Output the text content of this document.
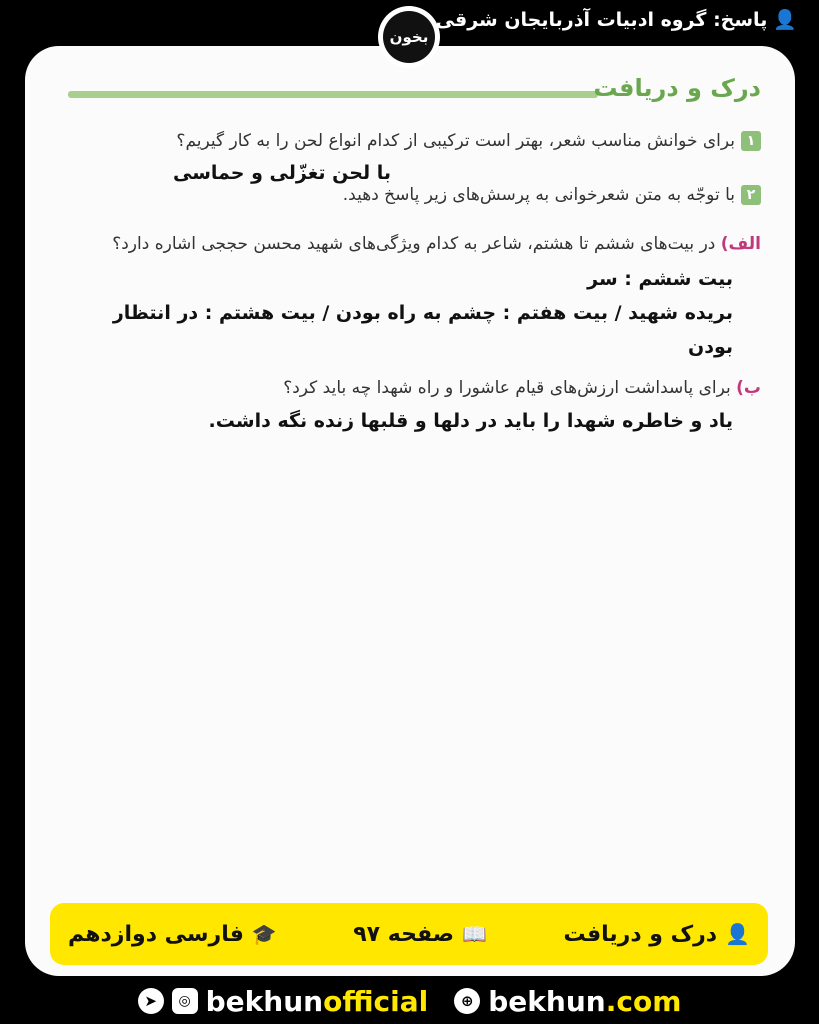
👤
پاسخ: گروه ادبیات آذربایجان شرقی
بخون
درک و دریافت
۱
برای خوانش مناسب شعر، بهتر است ترکیبی از کدام انواع لحن را به کار گیریم؟
با لحن تغزّلی و حماسی
۲
با توجّه به متن شعرخوانی به پرسش‌های زیر پاسخ دهید.
الف) در بیت‌های ششم تا هشتم، شاعر به کدام ویژگی‌های شهید محسن حججی اشاره دارد؟
بیت ششم : سر
بریده شهید / بیت هفتم : چشم به راه بودن / بیت هشتم : در انتظار
بودن
ب) برای پاسداشت ارزش‌های قیام عاشورا و راه شهدا چه باید کرد؟
یاد و خاطره شهدا را باید در دلها و قلبها زنده نگه داشت.
👤
درک و دریافت
📖
صفحه ۹۷
🎓
فارسی دوازدهم
➤	◎ bekhunofficial	⊕ bekhun.com
